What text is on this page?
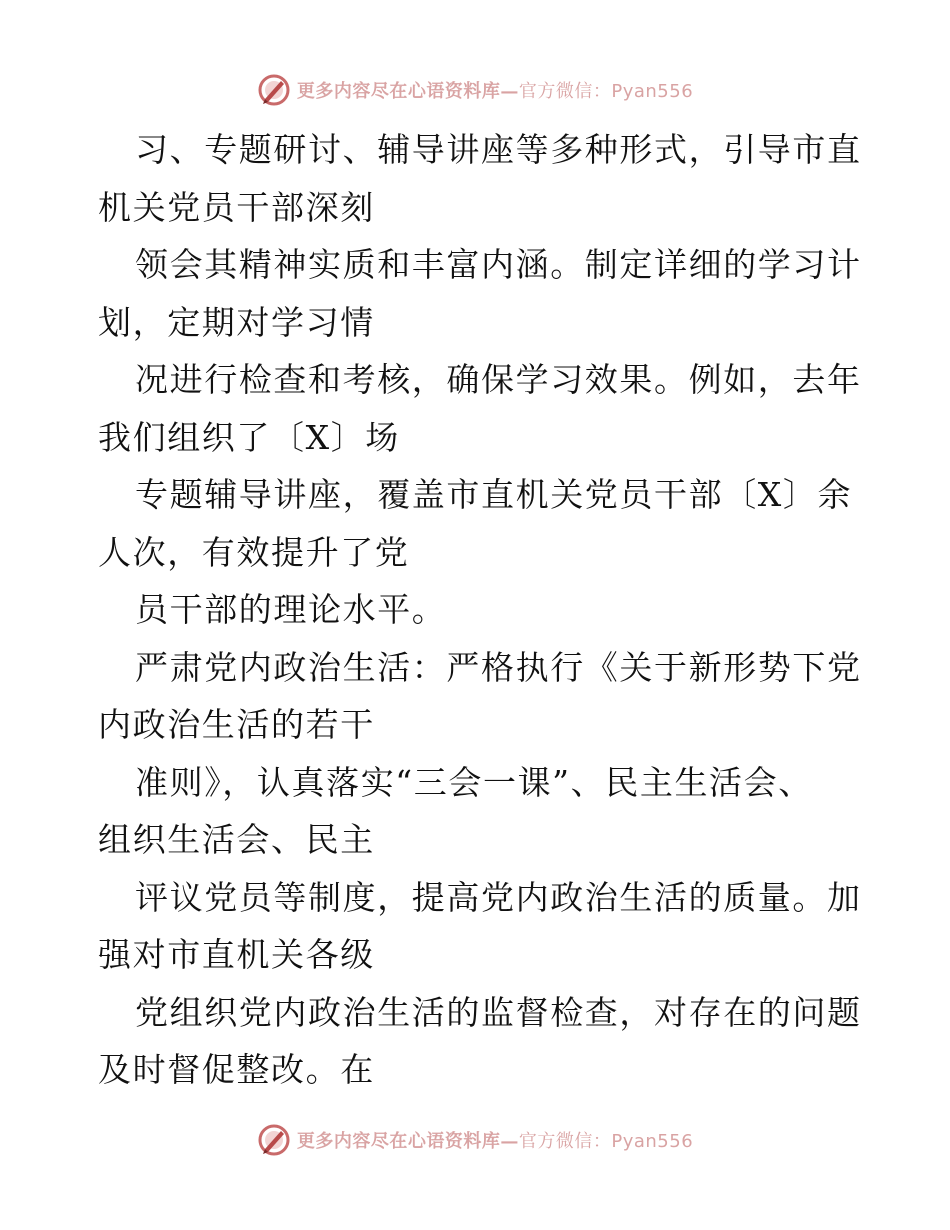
更多内容尽在心语资料库—官方微信：Pyan556
习、专题研讨、辅导讲座等多种形式，引导市直
机关党员干部深刻
领会其精神实质和丰富内涵。制定详细的学习计
划，定期对学习情
况进行检查和考核，确保学习效果。例如，去年
我们组织了〔X〕场
专题辅导讲座，覆盖市直机关党员干部〔X〕余
人次，有效提升了党
员干部的理论水平。
严肃党内政治生活：严格执行《关于新形势下党
内政治生活的若干
准则》，认真落实“三会一课”、民主生活会、
组织生活会、民主
评议党员等制度，提高党内政治生活的质量。加
强对市直机关各级
党组织党内政治生活的监督检查，对存在的问题
及时督促整改。在
更多内容尽在心语资料库—官方微信：Pyan556
